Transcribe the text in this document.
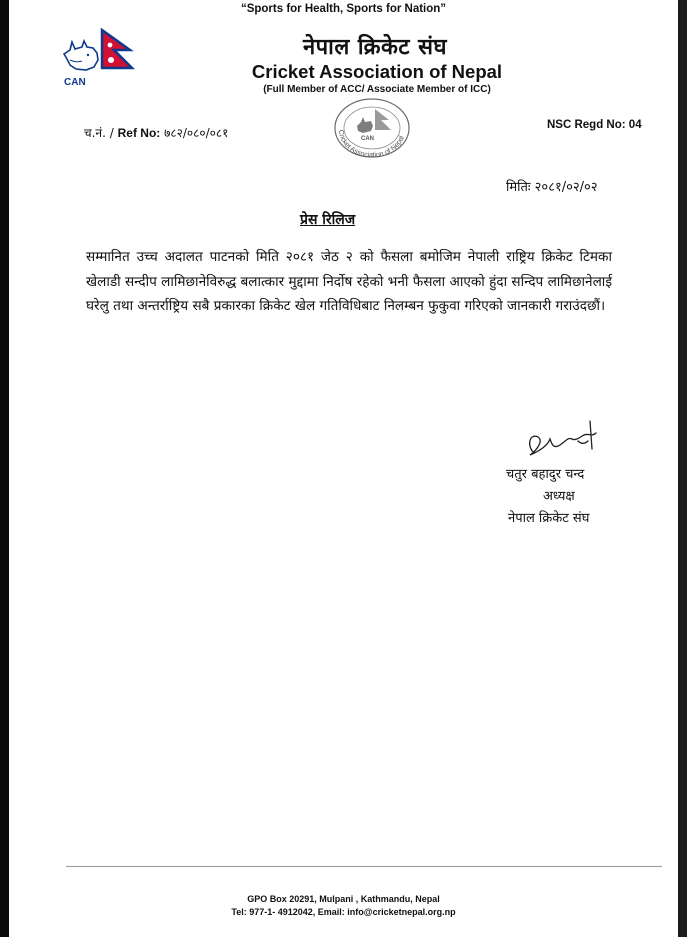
“Sports for Health, Sports for Nation”
CAN
नेपाल क्रिकेट संघ
Cricket Association of Nepal
(Full Member of ACC/ Associate Member of ICC)
च.नं. / Ref No: ७८२/०८०/०८१	CAN
Cricket Association of Nepal
NSC Regd No: 04
मितिः २०८१/०२/०२
प्रेस रिलिज
सम्मानित उच्च अदालत पाटनको मिति २०८१ जेठ २ को फैसला बमोजिम नेपाली राष्ट्रिय क्रिकेट टिमका खेलाडी सन्दीप लामिछानेविरुद्ध बलात्कार मुद्दामा निर्दोष रहेको भनी फैसला आएको हुंदा सन्दिप लामिछानेलाई घरेलु तथा अन्तर्राष्ट्रिय सबै प्रकारका क्रिकेट खेल गतिविधिबाट निलम्बन फुकुवा गरिएको जानकारी गराउंदछौं।
चतुर बहादुर चन्द
अध्यक्ष
नेपाल क्रिकेट संघ
GPO Box 20291, Mulpani , Kathmandu, Nepal
Tel: 977-1- 4912042, Email: info@cricketnepal.org.np
